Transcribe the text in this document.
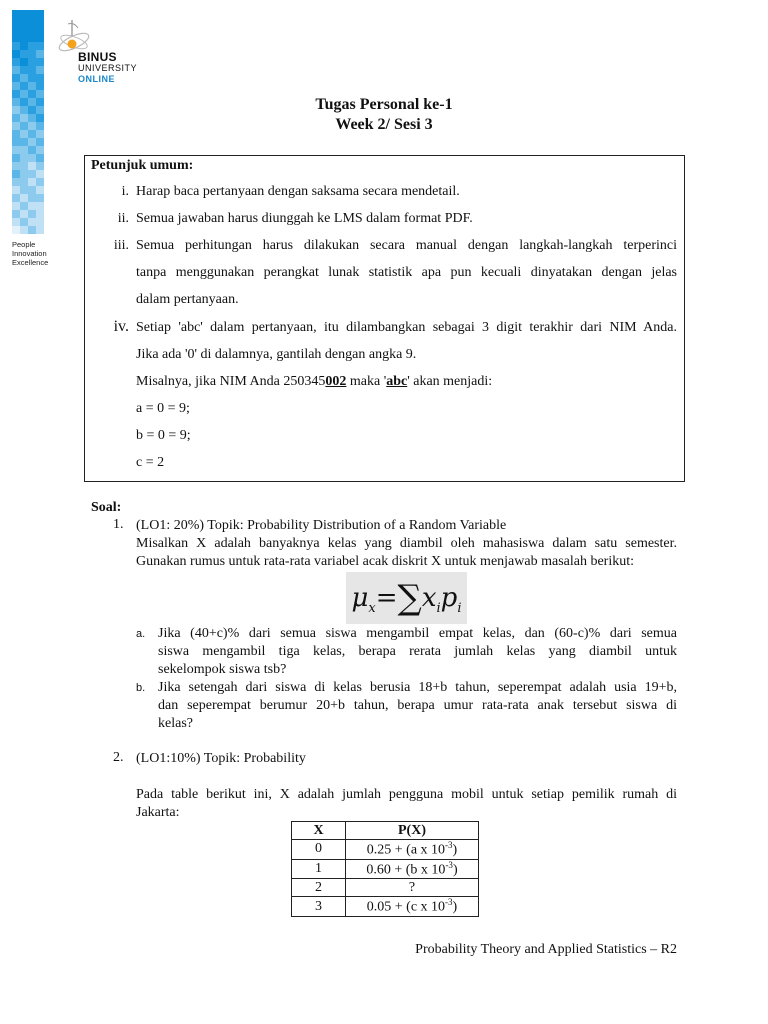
People
Innovation
Excellence
BINUS
UNIVERSITY
ONLINE
Tugas Personal ke-1
Week 2/ Sesi 3
Petunjuk umum:
i. Harap baca pertanyaan dengan saksama secara mendetail.
ii. Semua jawaban harus diunggah ke LMS dalam format PDF.
iii. Semua perhitungan harus dilakukan secara manual dengan langkah-langkah terperinci
tanpa menggunakan perangkat lunak statistik apa pun kecuali dinyatakan dengan jelas
dalam pertanyaan.
iv. Setiap 'abc' dalam pertanyaan, itu dilambangkan sebagai 3 digit terakhir dari NIM Anda.
Jika ada '0' di dalamnya, gantilah dengan angka 9.
Misalnya, jika NIM Anda 250345002 maka 'abc' akan menjadi:
a = 0 = 9;
b = 0 = 9;
c = 2
Soal:
1. (LO1: 20%) Topik: Probability Distribution of a Random Variable
Misalkan X adalah banyaknya kelas yang diambil oleh mahasiswa dalam satu semester.
Gunakan rumus untuk rata-rata variabel acak diskrit X untuk menjawab masalah berikut:
$\mu_x=\sum x_ip_i$
a. Jika (40+c)% dari semua siswa mengambil empat kelas, dan (60-c)% dari semua
siswa mengambil tiga kelas, berapa rerata jumlah kelas yang diambil untuk
sekelompok siswa tsb?
b. Jika setengah dari siswa di kelas berusia 18+b tahun, seperempat adalah usia 19+b,
dan seperempat berumur 20+b tahun, berapa umur rata-rata anak tersebut siswa di
kelas?
2. (LO1:10%) Topik: Probability
Pada table berikut ini, X adalah jumlah pengguna mobil untuk setiap pemilik rumah di
Jakarta:
X	P(X)
0	0.25 + (a x $10^{-3}$)
1	0.60 + (b x $10^{-3}$)
2	?
3	0.05 + (c x $10^{-3}$)
Probability Theory and Applied Statistics – R2
